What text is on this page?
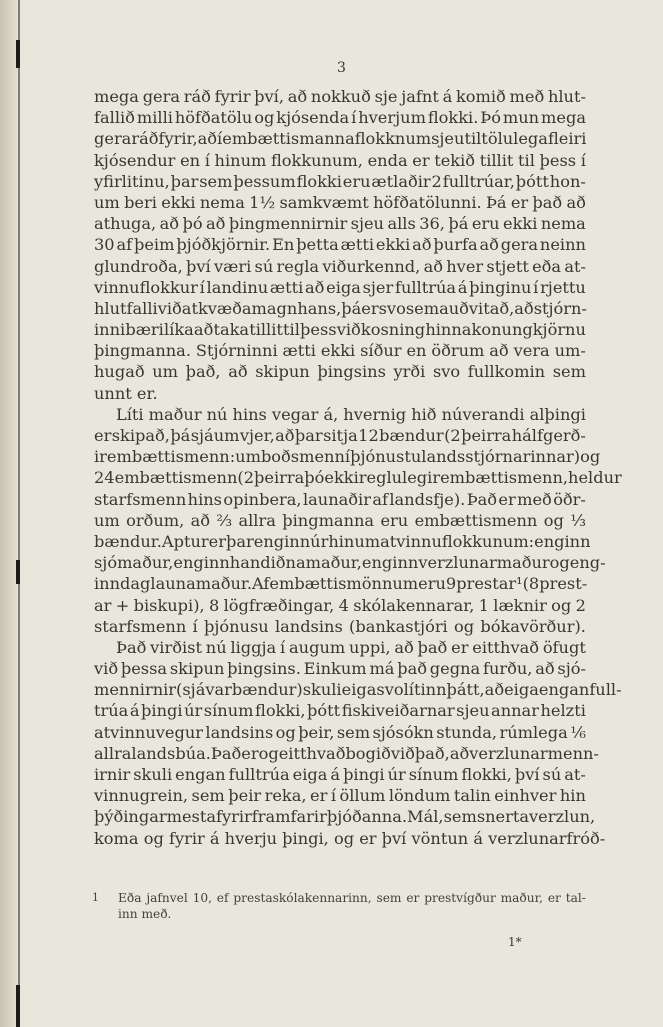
3
mega gera ráð fyrir því, að nokkuð sje jafnt á komið með hlut-
fallið milli höfðatölu og kjósenda í hverjum flokki. Þó mun mega
gera ráð fyrir, að í embættismannaflokknum sjeu tiltölulega fleiri
kjósendur en í hinum flokkunum, enda er tekið tillit til þess í
yfirlitinu, þar sem þessum flokki eru ætlaðir 2 fulltrúar, þótt hon-
um beri ekki nema 1½ samkvæmt höfðatölunni. Þá er það að
athuga, að þó að þingmennirnir sjeu alls 36, þá eru ekki nema
30 af þeim þjóðkjörnir. En þetta ætti ekki að þurfa að gera neinn
glundroða, því væri sú regla viðurkennd, að hver stjett eða at-
vinnuflokkur í landinu ætti að eiga sjer fulltrúa á þinginu í rjettu
hlutfalli við atkvæðamagn hans, þá er svo sem auðvitað, að stjórn-
inni bæri líka að taka tillit til þess við kosning hinna konungkjörnu
þingmanna. Stjórninni ætti ekki síður en öðrum að vera um-
hugað um það, að skipun þingsins yrði svo fullkomin sem
unnt er.
Líti maður nú hins vegar á, hvernig hið núverandi alþingi
er skipað, þá sjáum vjer, að þar sitja 12 bændur (2 þeirra hálfgerð-
ir embættismenn: umboðsmenn í þjónustu landsstjórnarinnar) og
24 embættismenn (2 þeirra þó ekki reglulegir embættismenn, heldur
starfsmenn hins opinbera, launaðir af landsfje). Það er með öðr-
um orðum, að ⅔ allra þingmanna eru embættismenn og ⅓
bændur. Aptur er þar enginn úr hinum atvinnuflokkunum: enginn
sjómaður, enginn handiðnamaður, enginn verzlunarmaður og eng-
inn daglaunamaður. Af embættismönnum eru 9 prestar¹ (8 prest-
ar + biskupi), 8 lögfræðingar, 4 skólakennarar, 1 læknir og 2
starfsmenn í þjónusu landsins (bankastjóri og bókavörður).
Það virðist nú liggja í augum uppi, að það er eitthvað öfugt
við þessa skipun þingsins. Einkum má það gegna furðu, að sjó-
mennirnir (sjávarbændur) skuli eiga svo lítinn þátt, að eiga engan full-
trúa á þingi úr sínum flokki, þótt fiskiveiðarnar sjeu annar helzti
atvinnuvegur landsins og þeir, sem sjósókn stunda, rúmlega ⅙
allra landsbúa. Það er og eitthvað bogið við það, að verzlunarmenn-
irnir skuli engan fulltrúa eiga á þingi úr sínum flokki, því sú at-
vinnugrein, sem þeir reka, er í öllum löndum talin einhver hin
þýðingarmesta fyrir framfarir þjóðanna. Mál, sem snerta verzlun,
koma og fyrir á hverju þingi, og er því vöntun á verzlunarfróð-
1 Eða jafnvel 10, ef prestaskólakennarinn, sem er prestvígður maður, er tal-
inn með.
1*
